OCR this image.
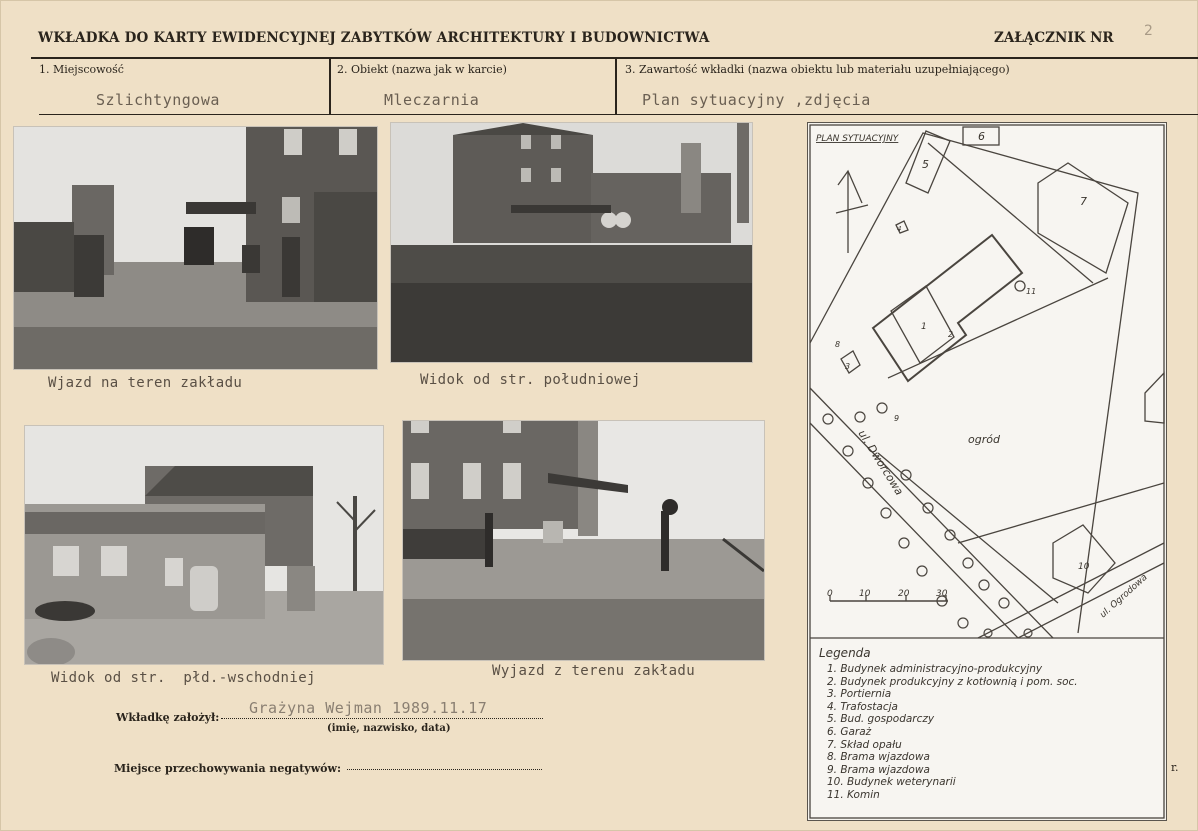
WKŁADKA DO KARTY EWIDENCYJNEJ ZABYTKÓW ARCHITEKTURY I BUDOWNICTWA	ZAŁĄCZNIK NR 2
1. Miejscowość	2. Obiekt (nazwa jak w karcie)	3. Zawartość wkładki (nazwa obiektu lub materiału uzupełniającego)
Szlichtyngowa	Mleczarnia	Plan sytuacyjny ,zdjęcia
Wjazd na teren zakładu	Widok od str. południowej
Widok od str.  płd.-wschodniej	Wyjazd z terenu zakładu
PLAN SYTUACYJNY
1
2
3
4
5
6
7
8
9
10
11
ogród
ul. Dworcowa
ul. Ogrodowa
0	10	20	30
Legenda
1. Budynek administracyjno-produkcyjny
2. Budynek produkcyjny z kotłownią i pom. soc.
3. Portiernia
4. Trafostacja
5. Bud. gospodarczy
6. Garaż
7. Skład opału
8. Brama wjazdowa
9. Brama wjazdowa
10. Budynek weterynarii
11. Komin
Wkładkę założył:
Grażyna Wejman 1989.11.17
(imię, nazwisko, data)
Miejsce przechowywania negatywów:	r.
